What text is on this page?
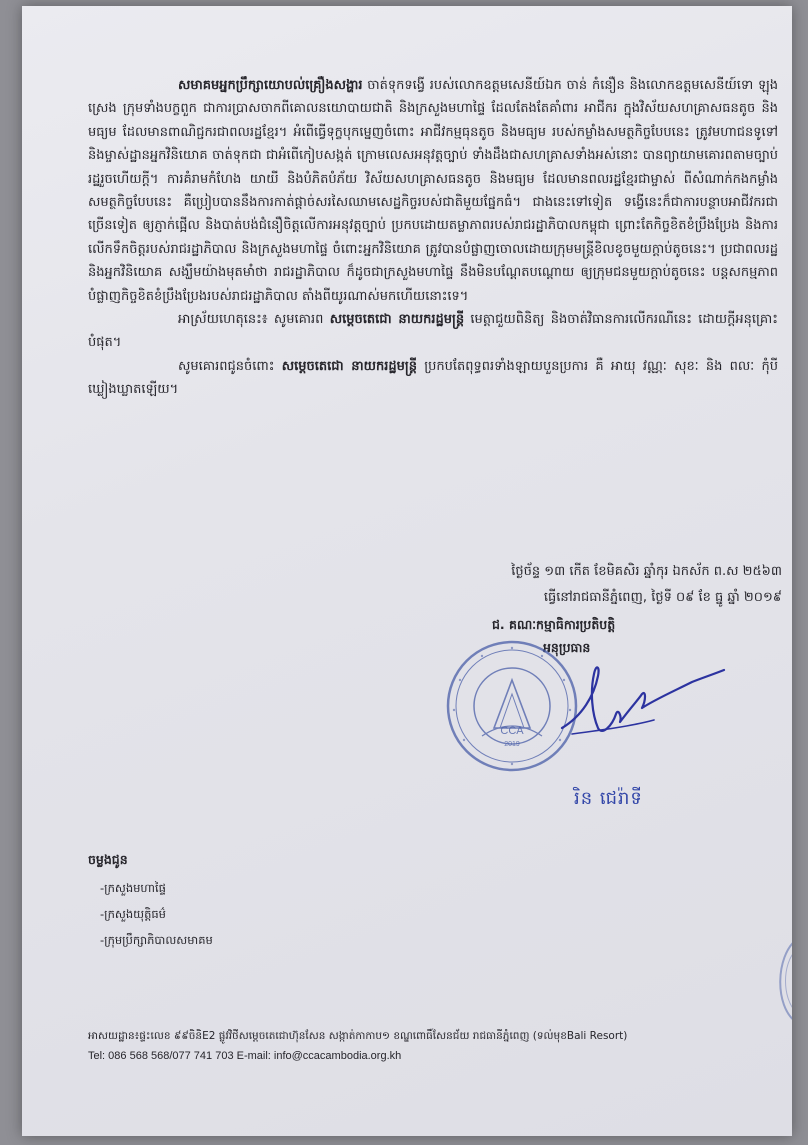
សមាគមអ្នកប្រឹក្សាយោបល់គ្រឿងសង្ហារ ចាត់ទុកទង្វើ របស់លោកឧត្តមសេនីយ៍ឯក ចាន់ កំនឿន និងលោកឧត្តមសេនីយ៍ទោ ឡុង ស្រេង ក្រុមទាំងបក្ខពួក ជាការប្រាសចាកពីគោលនយោបាយជាតិ និងក្រសួងមហាផ្ទៃ ដែលតែងតែគាំពារ អាជីករ ក្នុងវិស័យសហគ្រាសធនតូច និងមធ្យម ដែលមានពាណិជ្ជករជាពលរដ្ឋខ្មែរ។ អំពើធ្វើទុក្ខបុកម្នេញចំពោះ អាជីវកម្មធុនតូច និងមធ្យម របស់កម្លាំងសមត្ថកិច្ចបែបនេះ ត្រូវមហាជនទូទៅ និងម្ចាស់ដ្ឋានអ្នកវិនិយោគ ចាត់ទុកជា ជាអំពើកៀបសង្កត់ ក្រោមលេសអនុវត្តច្បាប់ ទាំងដឹងជាសហគ្រាសទាំងអស់នោះ បានព្យាយាមគោរពតាមច្បាប់រដ្ឋរួចហើយក្តី។ ការគំរាមកំហែង យាយី និងបំភិតបំភ័យ វិស័យសហគ្រាសធនតូច និងមធ្យម ដែលមានពលរដ្ឋខ្មែរជាម្ចាស់ ពីសំណាក់កងកម្លាំងសមត្ថកិច្ចបែបនេះ គឺប្រៀបបាននឹងការកាត់ផ្តាច់សរសៃឈាមសេដ្ឋកិច្ចរបស់ជាតិមួយផ្នែកធំ។ ជាងនេះទៅទៀត ទង្វើនេះក៏ជាការបន្ថាបអាជីវករជាច្រើនទៀត ឲ្យភ្ញាក់ផ្អើល និងបាត់បង់ជំនឿចិត្តលើការអនុវត្តច្បាប់ ប្រកបដោយតម្លាភាពរបស់រាជរដ្ឋាភិបាលកម្ពុជា ព្រោះតែកិច្ចខិតខំប្រឹងប្រែង និងការលើកទឹកចិត្តរបស់រាជរដ្ឋាភិបាល និងក្រសួងមហាផ្ទៃ ចំពោះអ្នកវិនិយោគ ត្រូវបានបំផ្លាញចោលដោយក្រុមមន្ត្រីខិលខូចមួយក្តាប់តូចនេះ។ ប្រជាពលរដ្ឋ និងអ្នកវិនិយោគ សង្ឃឹមយ៉ាងមុតមាំថា រាជរដ្ឋាភិបាល ក៏ដូចជាក្រសួងមហាផ្ទៃ នឹងមិនបណ្តែតបណ្តោយ ឲ្យក្រុមជនមួយក្តាប់តូចនេះ បន្តសកម្មភាព បំផ្លាញកិច្ចខិតខំប្រឹងប្រែងរបស់រាជរដ្ឋាភិបាល តាំងពីយូរណាស់មកហើយនោះទេ។

អាស្រ័យហេតុនេះ៖ សូមគោរព សម្តេចតេជោ នាយករដ្ឋមន្ត្រី មេត្តាជួយពិនិត្យ និងចាត់វិធានការលើករណីនេះ ដោយក្តីអនុគ្រោះបំផុត។

សូមគោរពជូនចំពោះ សម្តេចតេជោ នាយករដ្ឋមន្ត្រី ប្រកបតែពុទ្ធពរទាំងឡាយបួនប្រការ គឺ អាយុ វណ្ណៈ សុខៈ និង ពលៈ កុំបីឃ្លៀងឃ្លាតឡើយ។

ថ្ងៃច័ន្ទ ១៣ កើត ខែមិគសិរ ឆ្នាំកុរ ឯកស័ក ព.ស ២៥៦៣
ធ្វើនៅរាជធានីភ្នំពេញ, ថ្ងៃទី ០៩ ខែ ធ្នូ ឆ្នាំ ២០១៩
ជ. គណៈកម្មាធិការប្រតិបត្តិ
អនុប្រធាន
CCA
2019
រិន ជេរ៉ាទី
ចម្លងជូន
-ក្រសួងមហាផ្ទៃ
-ក្រសួងយុត្តិធម៌
-ក្រុមប្រឹក្សាភិបាលសមាគម
អាសយដ្ឋាន៖ផ្ទះលេខ ៩៩ចិនិE2 ផ្លូវវិថីសម្តេចតេជោហ៊ុនសែន សង្កាត់កាកាប១ ខណ្ឌពោធិ៍សែនជ័យ រាជធានីភ្នំពេញ (ទល់មុខBali Resort)
Tel: 086 568 568/077 741 703 E-mail: info@ccacambodia.org.kh
